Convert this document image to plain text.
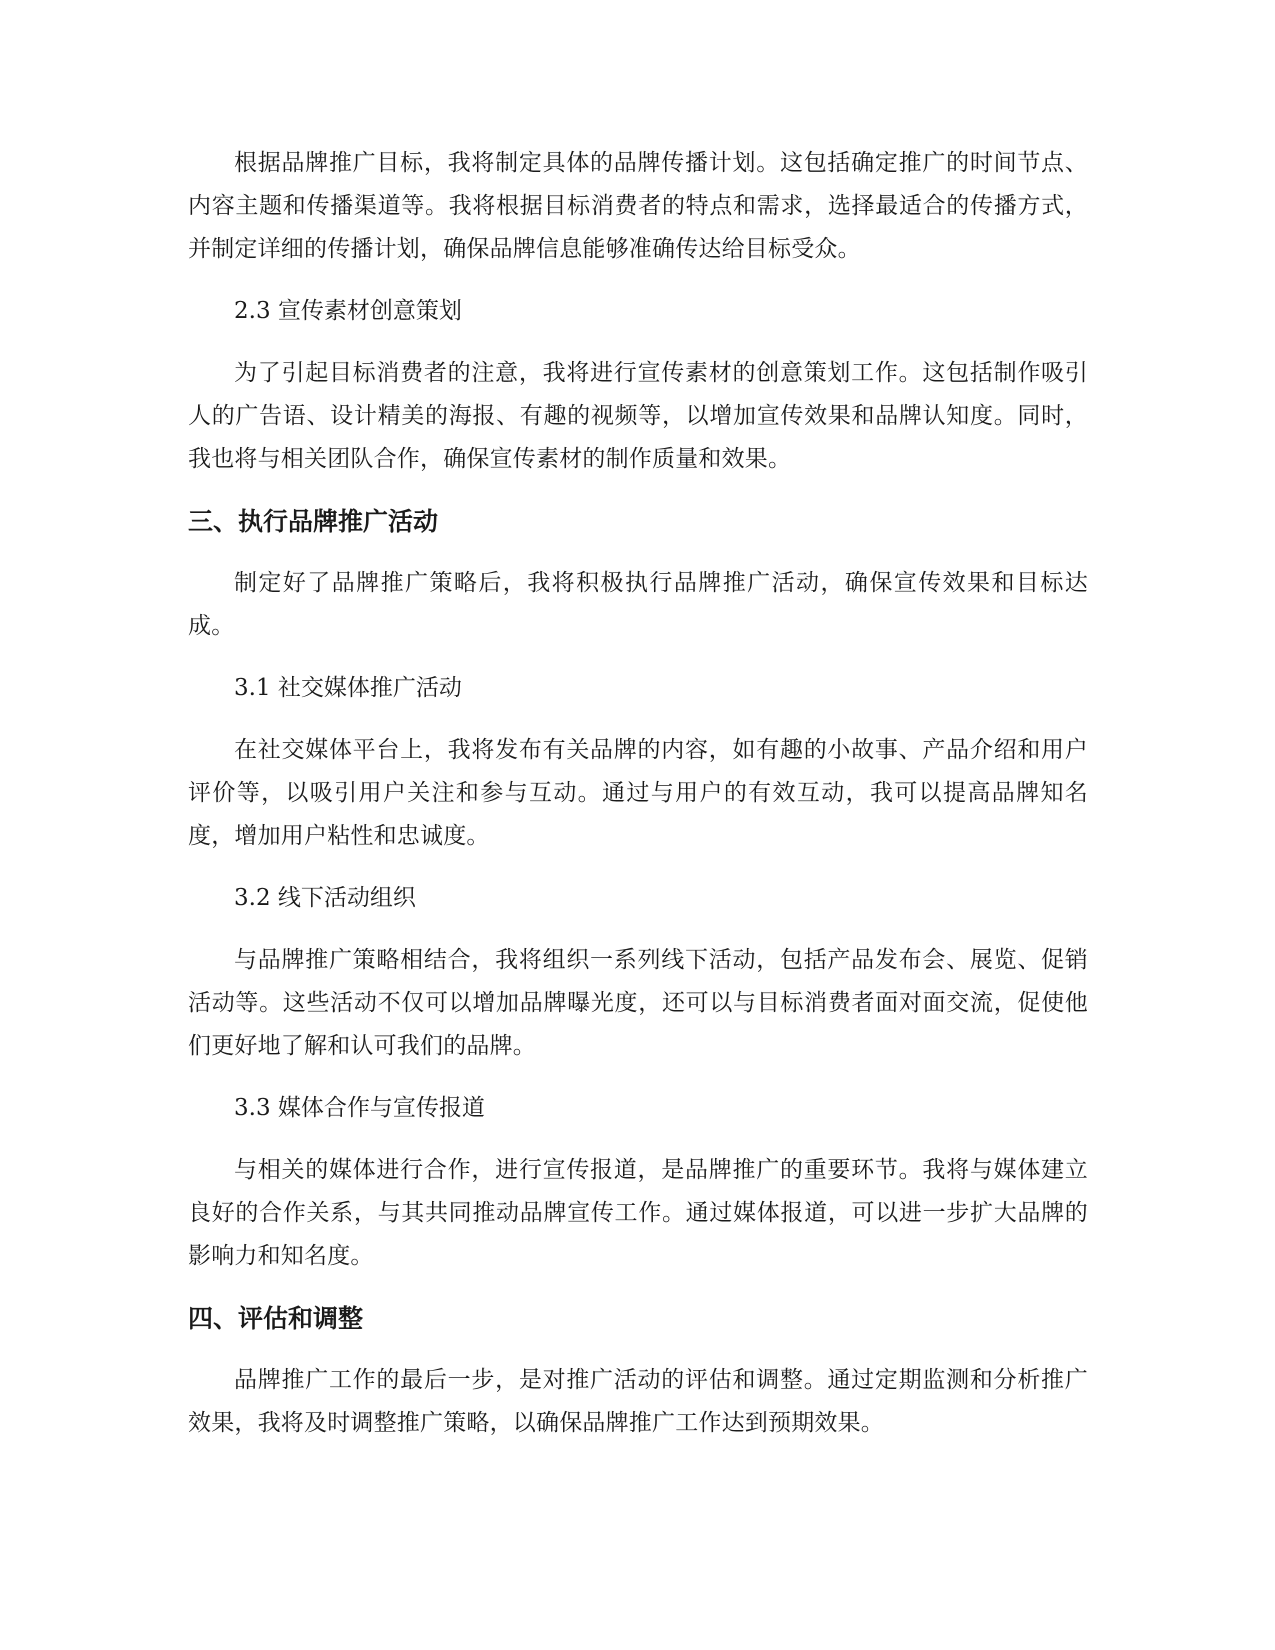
根据品牌推广目标，我将制定具体的品牌传播计划。这包括确定推广的时间节点、内容主题和传播渠道等。我将根据目标消费者的特点和需求，选择最适合的传播方式，并制定详细的传播计划，确保品牌信息能够准确传达给目标受众。

2.3 宣传素材创意策划

为了引起目标消费者的注意，我将进行宣传素材的创意策划工作。这包括制作吸引人的广告语、设计精美的海报、有趣的视频等，以增加宣传效果和品牌认知度。同时，我也将与相关团队合作，确保宣传素材的制作质量和效果。

三、执行品牌推广活动

制定好了品牌推广策略后，我将积极执行品牌推广活动，确保宣传效果和目标达成。

3.1 社交媒体推广活动

在社交媒体平台上，我将发布有关品牌的内容，如有趣的小故事、产品介绍和用户评价等，以吸引用户关注和参与互动。通过与用户的有效互动，我可以提高品牌知名度，增加用户粘性和忠诚度。

3.2 线下活动组织

与品牌推广策略相结合，我将组织一系列线下活动，包括产品发布会、展览、促销活动等。这些活动不仅可以增加品牌曝光度，还可以与目标消费者面对面交流，促使他们更好地了解和认可我们的品牌。

3.3 媒体合作与宣传报道

与相关的媒体进行合作，进行宣传报道，是品牌推广的重要环节。我将与媒体建立良好的合作关系，与其共同推动品牌宣传工作。通过媒体报道，可以进一步扩大品牌的影响力和知名度。

四、评估和调整

品牌推广工作的最后一步，是对推广活动的评估和调整。通过定期监测和分析推广效果，我将及时调整推广策略，以确保品牌推广工作达到预期效果。
